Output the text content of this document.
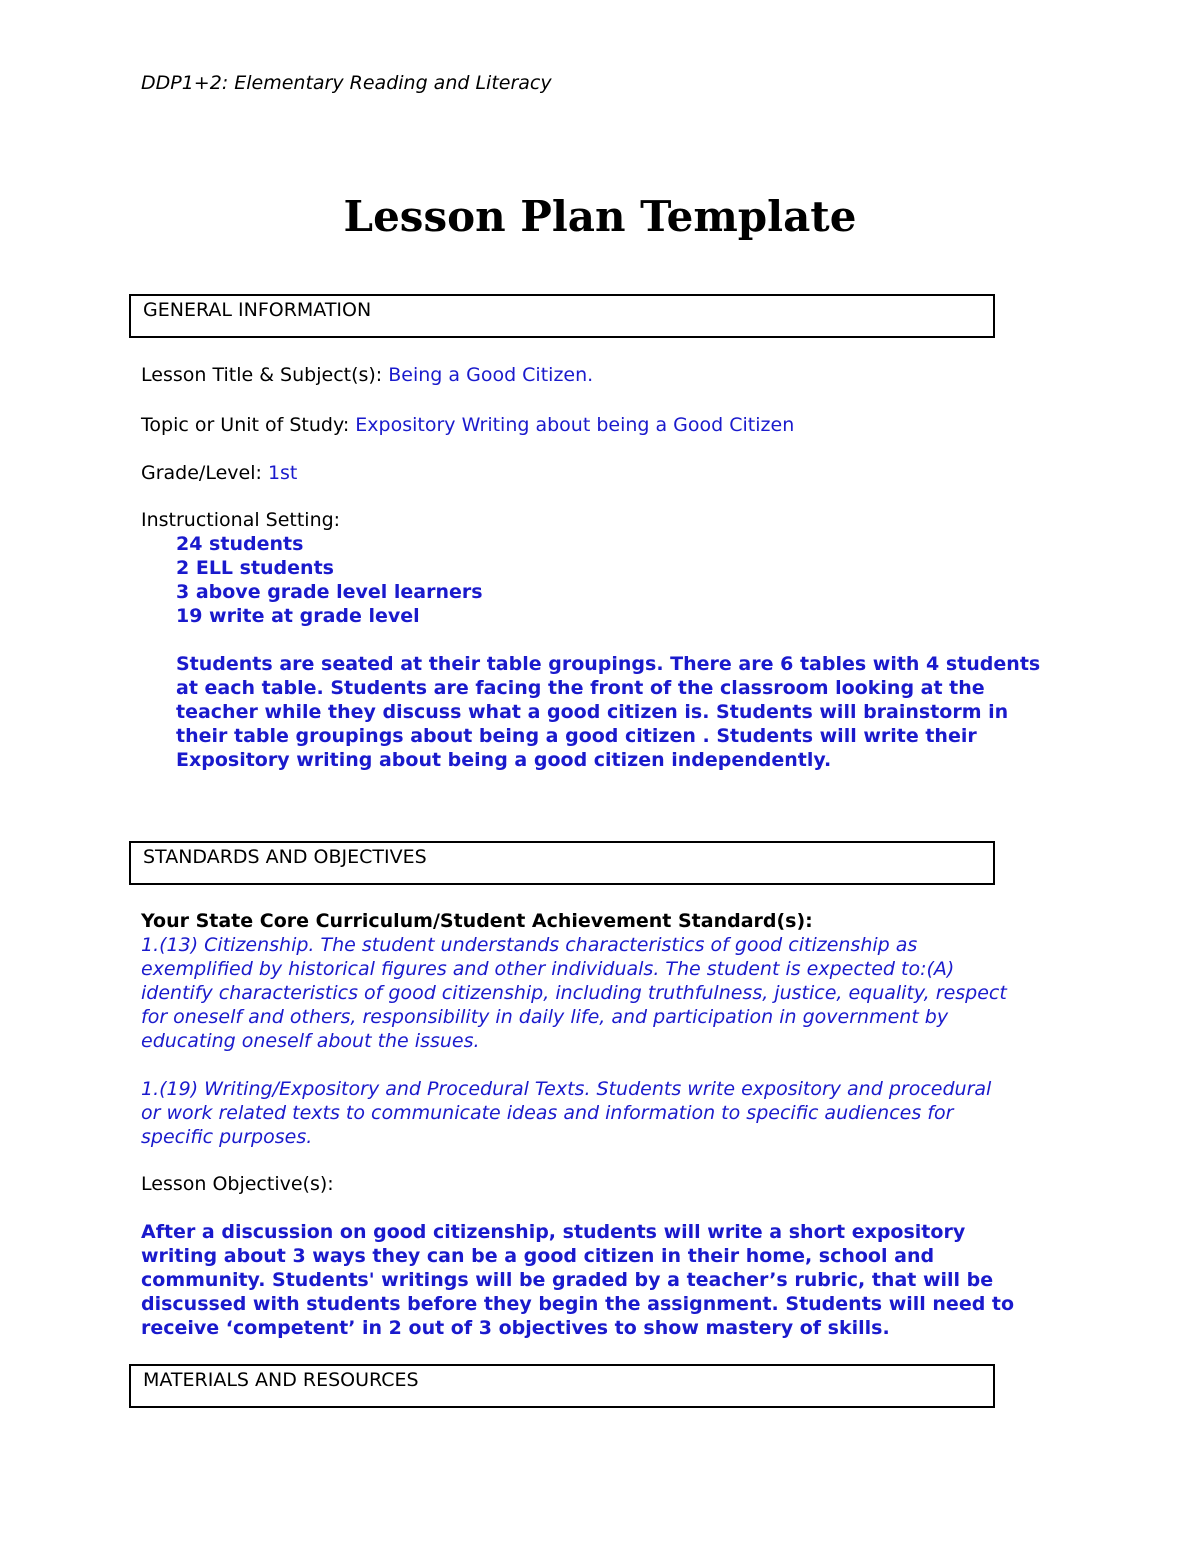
DDP1+2: Elementary Reading and Literacy
Lesson Plan Template
GENERAL INFORMATION
Lesson Title & Subject(s): Being a Good Citizen.
Topic or Unit of Study: Expository Writing about being a Good Citizen
Grade/Level: 1st
Instructional Setting:
24 students
2 ELL students
3 above grade level learners
19 write at grade level
Students are seated at their table groupings. There are 6 tables with 4 students
at each table. Students are facing the front of the classroom looking at the
teacher while they discuss what a good citizen is. Students will brainstorm in
their table groupings about being a good citizen . Students will write their
Expository writing about being a good citizen independently.
STANDARDS AND OBJECTIVES
Your State Core Curriculum/Student Achievement Standard(s):
1.(13) Citizenship. The student understands characteristics of good citizenship as
exemplified by historical figures and other individuals. The student is expected to:(A)
identify characteristics of good citizenship, including truthfulness, justice, equality, respect
for oneself and others, responsibility in daily life, and participation in government by
educating oneself about the issues.
1.(19) Writing/Expository and Procedural Texts. Students write expository and procedural
or work related texts to communicate ideas and information to specific audiences for
specific purposes.
Lesson Objective(s):
After a discussion on good citizenship, students will write a short expository
writing about 3 ways they can be a good citizen in their home, school and
community. Students' writings will be graded by a teacher’s rubric, that will be
discussed with students before they begin the assignment. Students will need to
receive ‘competent’ in 2 out of 3 objectives to show mastery of skills.
MATERIALS AND RESOURCES
